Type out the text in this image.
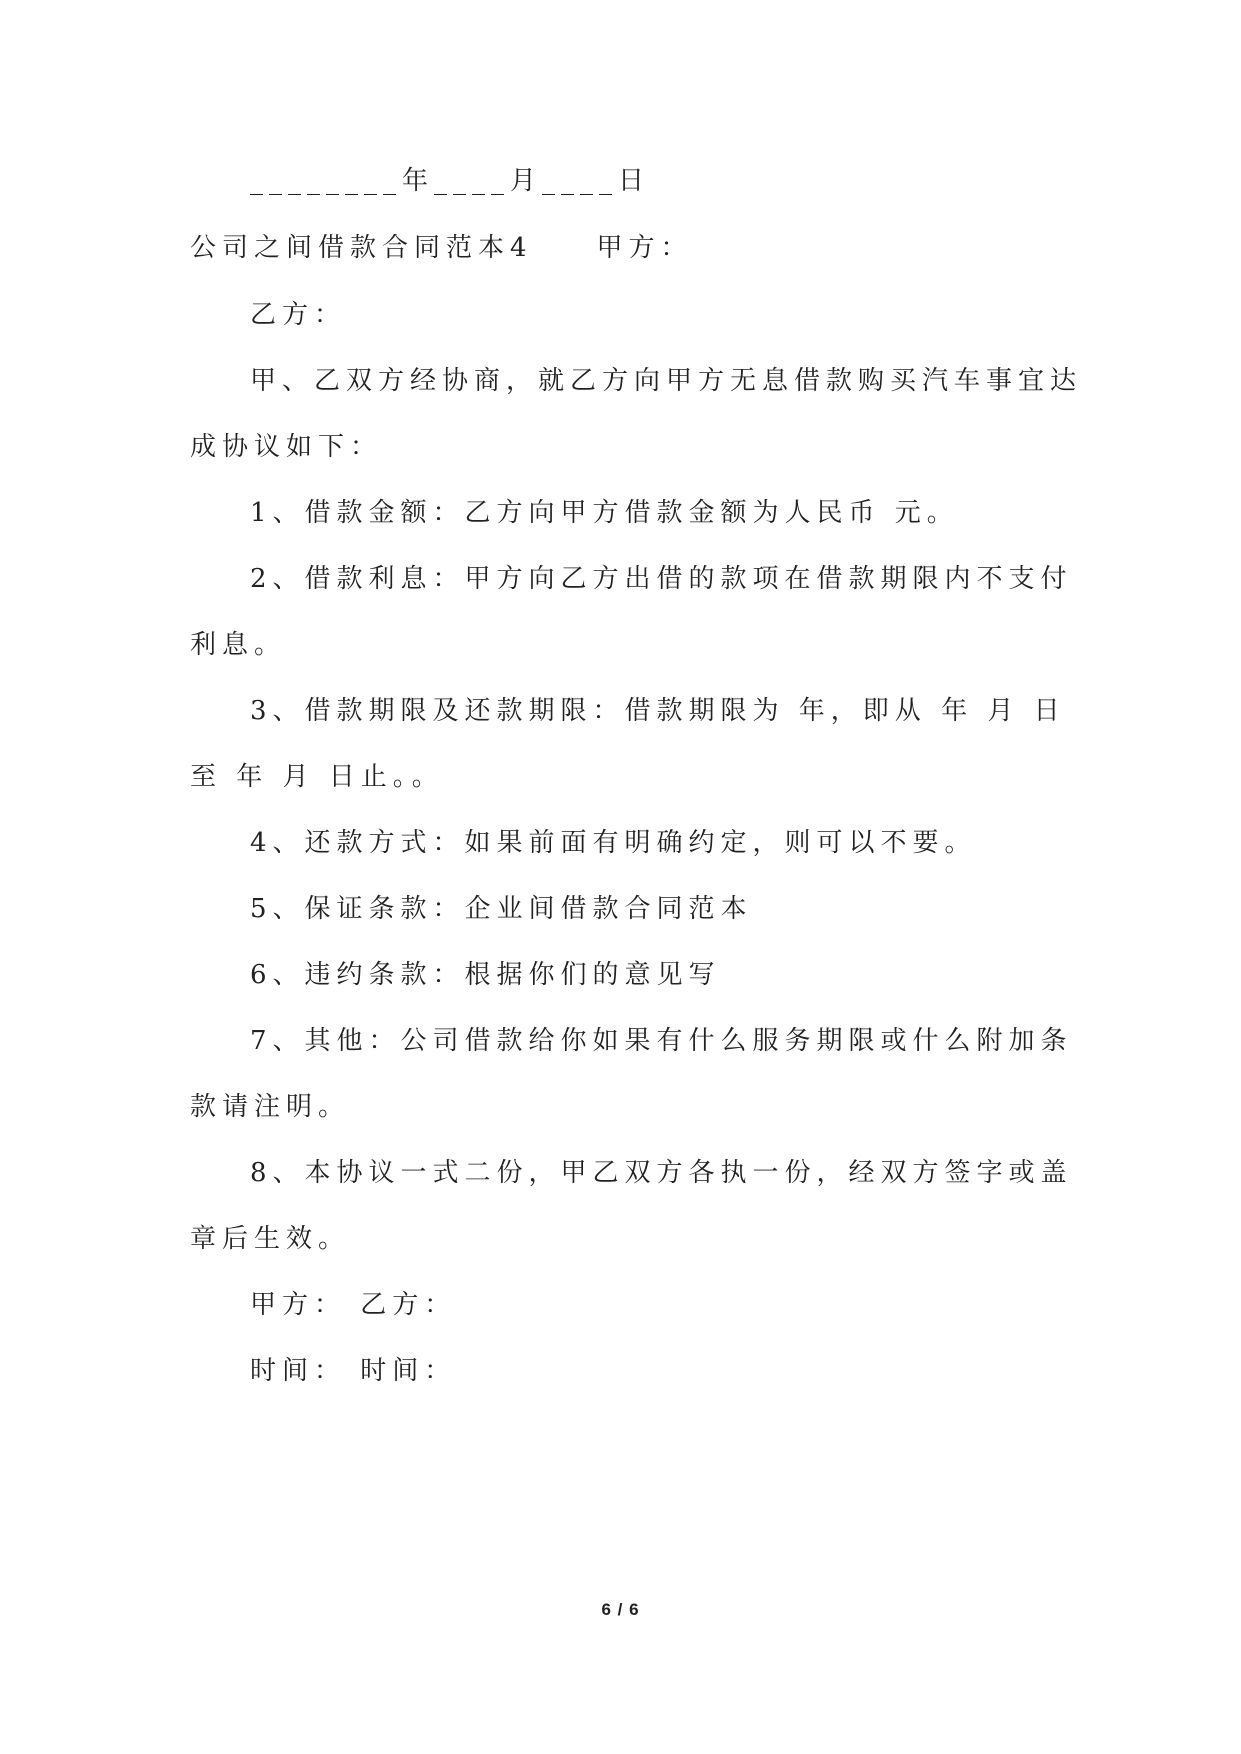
________年____月____日
公司之间借款合同范本4　　甲方：
乙方：
甲、乙双方经协商，就乙方向甲方无息借款购买汽车事宜达
成协议如下：
1、借款金额：乙方向甲方借款金额为人民币 元。
2、借款利息：甲方向乙方出借的款项在借款期限内不支付
利息。
3、借款期限及还款期限：借款期限为 年，即从 年 月 日
至 年 月 日止。。
4、还款方式：如果前面有明确约定，则可以不要。
5、保证条款：企业间借款合同范本
6、违约条款：根据你们的意见写
7、其他：公司借款给你如果有什么服务期限或什么附加条
款请注明。
8、本协议一式二份，甲乙双方各执一份，经双方签字或盖
章后生效。
甲方： 乙方：
时间： 时间：
6 / 6
